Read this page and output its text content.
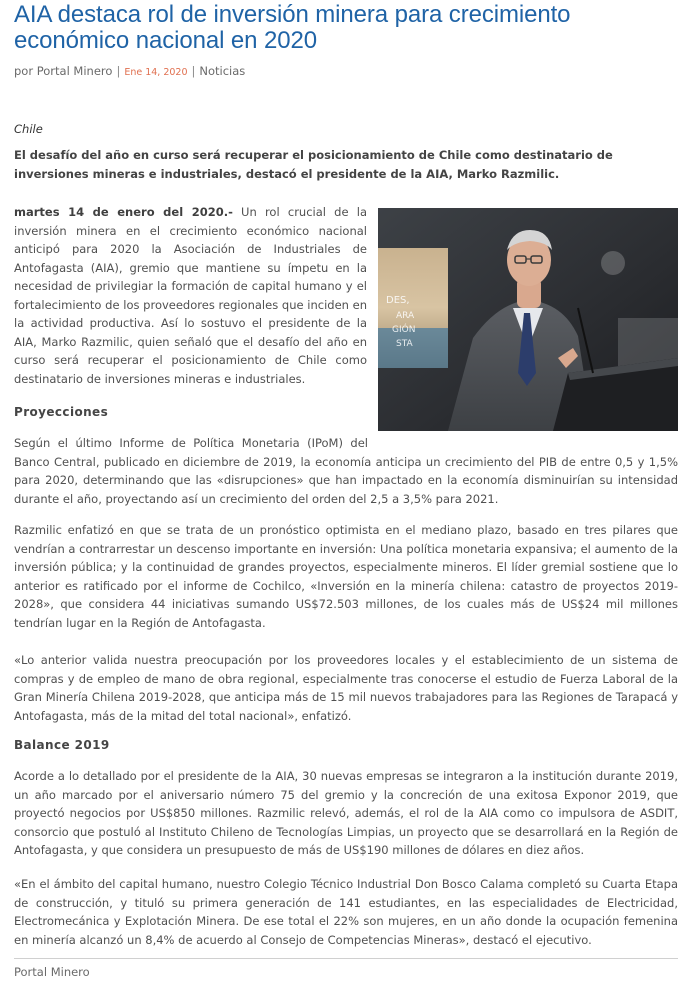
AIA destaca rol de inversión minera para crecimiento económico nacional en 2020
por Portal Minero | Ene 14, 2020 | Noticias
Chile
El desafío del año en curso será recuperar el posicionamiento de Chile como destinatario de inversiones mineras e industriales, destacó el presidente de la AIA, Marko Razmilic.
DES,
ARA
GIÓN
STA

martes 14 de enero del 2020.- Un rol crucial de la inversión minera en el crecimiento económico nacional anticipó para 2020 la Asociación de Industriales de Antofagasta (AIA), gremio que mantiene su ímpetu en la necesidad de privilegiar la formación de capital humano y el fortalecimiento de los proveedores regionales que inciden en la actividad productiva. Así lo sostuvo el presidente de la AIA, Marko Razmilic, quien señaló que el desafío del año en curso será recuperar el posicionamiento de Chile como destinatario de inversiones mineras e industriales.

Proyecciones

Según el último Informe de Política Monetaria (IPoM) del Banco Central, publicado en diciembre de 2019, la economía anticipa un crecimiento del PIB de entre 0,5 y 1,5% para 2020, determinando que las «disrupciones» que han impactado en la economía disminuirían su intensidad durante el año, proyectando así un crecimiento del orden del 2,5 a 3,5% para 2021.

Razmilic enfatizó en que se trata de un pronóstico optimista en el mediano plazo, basado en tres pilares que vendrían a contrarrestar un descenso importante en inversión: Una política monetaria expansiva; el aumento de la inversión pública; y la continuidad de grandes proyectos, especialmente mineros. El líder gremial sostiene que lo anterior es ratificado por el informe de Cochilco, «Inversión en la minería chilena: catastro de proyectos 2019-2028», que considera 44 iniciativas sumando US$72.503 millones, de los cuales más de US$24 mil millones tendrían lugar en la Región de Antofagasta.

«Lo anterior valida nuestra preocupación por los proveedores locales y el establecimiento de un sistema de compras y de empleo de mano de obra regional, especialmente tras conocerse el estudio de Fuerza Laboral de la Gran Minería Chilena 2019-2028, que anticipa más de 15 mil nuevos trabajadores para las Regiones de Tarapacá y Antofagasta, más de la mitad del total nacional», enfatizó.

Balance 2019

Acorde a lo detallado por el presidente de la AIA, 30 nuevas empresas se integraron a la institución durante 2019, un año marcado por el aniversario número 75 del gremio y la concreción de una exitosa Exponor 2019, que proyectó negocios por US$850 millones. Razmilic relevó, además, el rol de la AIA como co impulsora de ASDIT, consorcio que postuló al Instituto Chileno de Tecnologías Limpias, un proyecto que se desarrollará en la Región de Antofagasta, y que considera un presupuesto de más de US$190 millones de dólares en diez años.

«En el ámbito del capital humano, nuestro Colegio Técnico Industrial Don Bosco Calama completó su Cuarta Etapa de construcción, y tituló su primera generación de 141 estudiantes, en las especialidades de Electricidad, Electromecánica y Explotación Minera. De ese total el 22% son mujeres, en un año donde la ocupación femenina en minería alcanzó un 8,4% de acuerdo al Consejo de Competencias Mineras», destacó el ejecutivo.

Portal Minero
